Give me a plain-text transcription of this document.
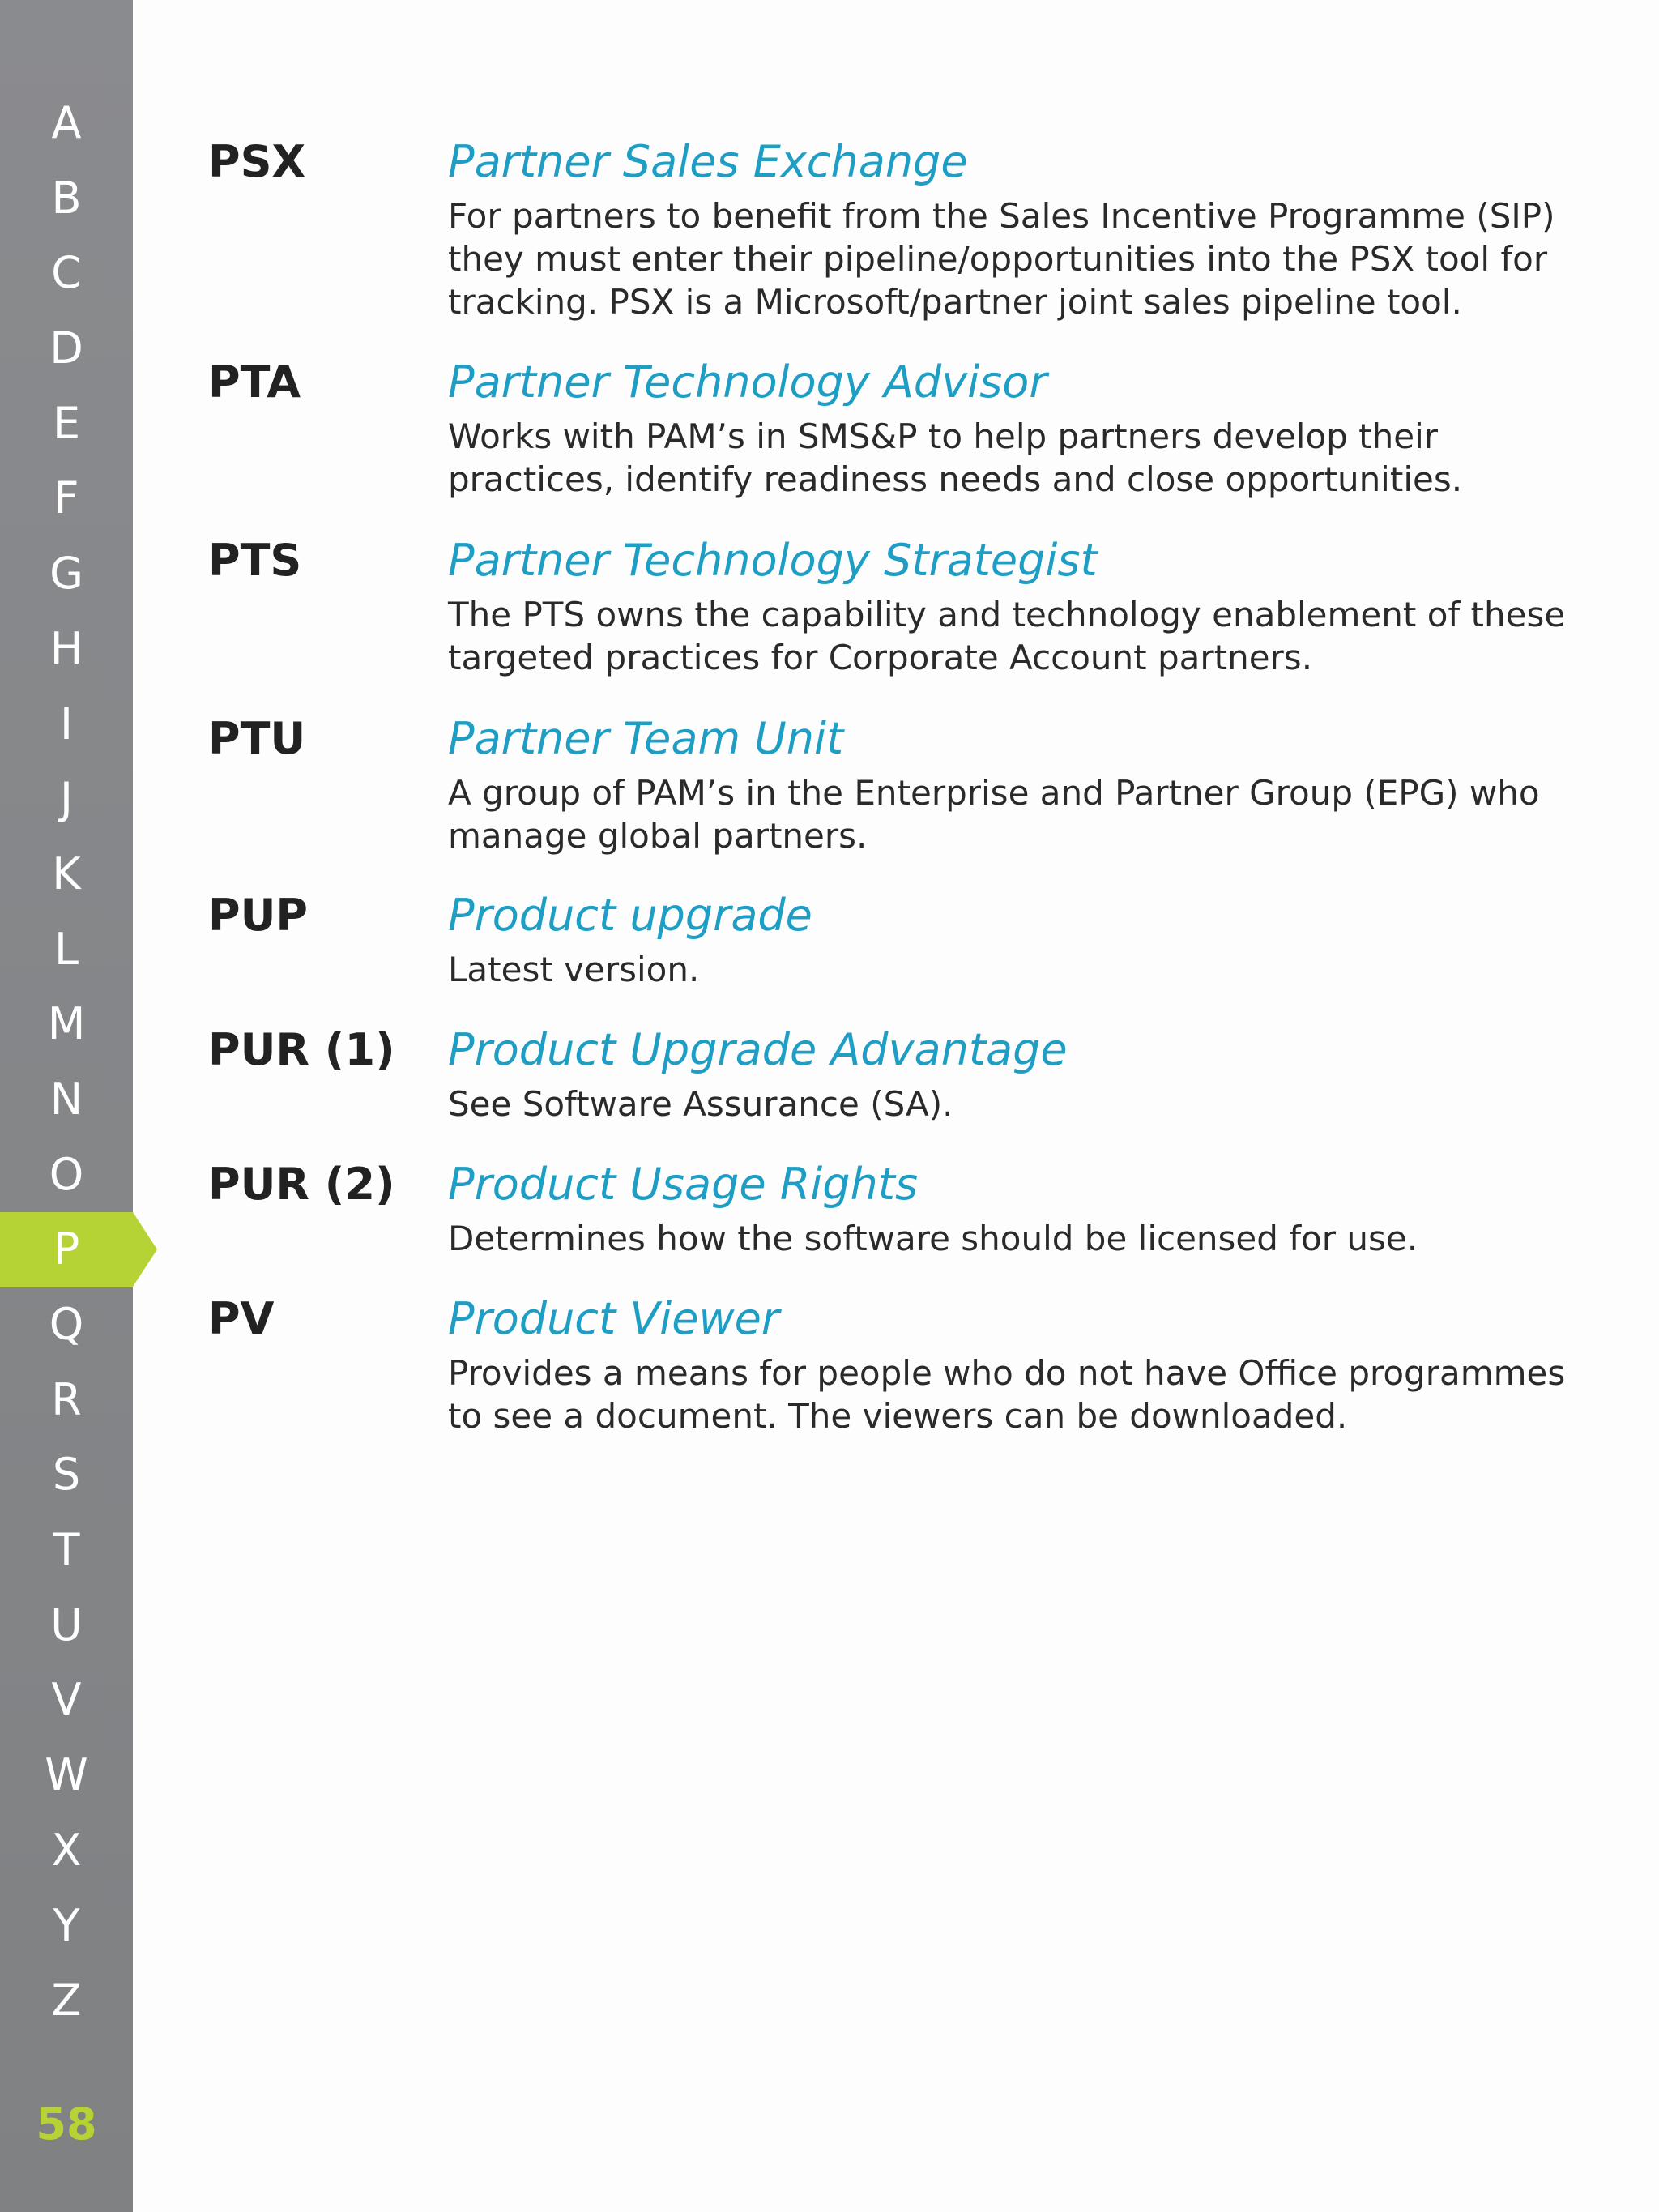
A
B
C
D
E
F
G
H
I
J
K
L
M
N
O
P
Q
R
S
T
U
V
W
X
Y
Z
58
PSX	Partner Sales Exchange
For partners to benefit from the Sales Incentive Programme (SIP) they must enter their pipeline/opportunities into the PSX tool for tracking. PSX is a Microsoft/partner joint sales pipeline tool.
PTA	Partner Technology Advisor
Works with PAM’s in SMS&P to help partners develop their practices, identify readiness needs and close opportunities.
PTS	Partner Technology Strategist
The PTS owns the capability and technology enablement of these targeted practices for Corporate Account partners.
PTU	Partner Team Unit
A group of PAM’s in the Enterprise and Partner Group (EPG) who manage global partners.
PUP	Product upgrade
Latest version.
PUR (1) Product Upgrade Advantage
See Software Assurance (SA).
PUR (2) Product Usage Rights
Determines how the software should be licensed for use.
PV	Product Viewer
Provides a means for people who do not have Office programmes to see a document. The viewers can be downloaded.
